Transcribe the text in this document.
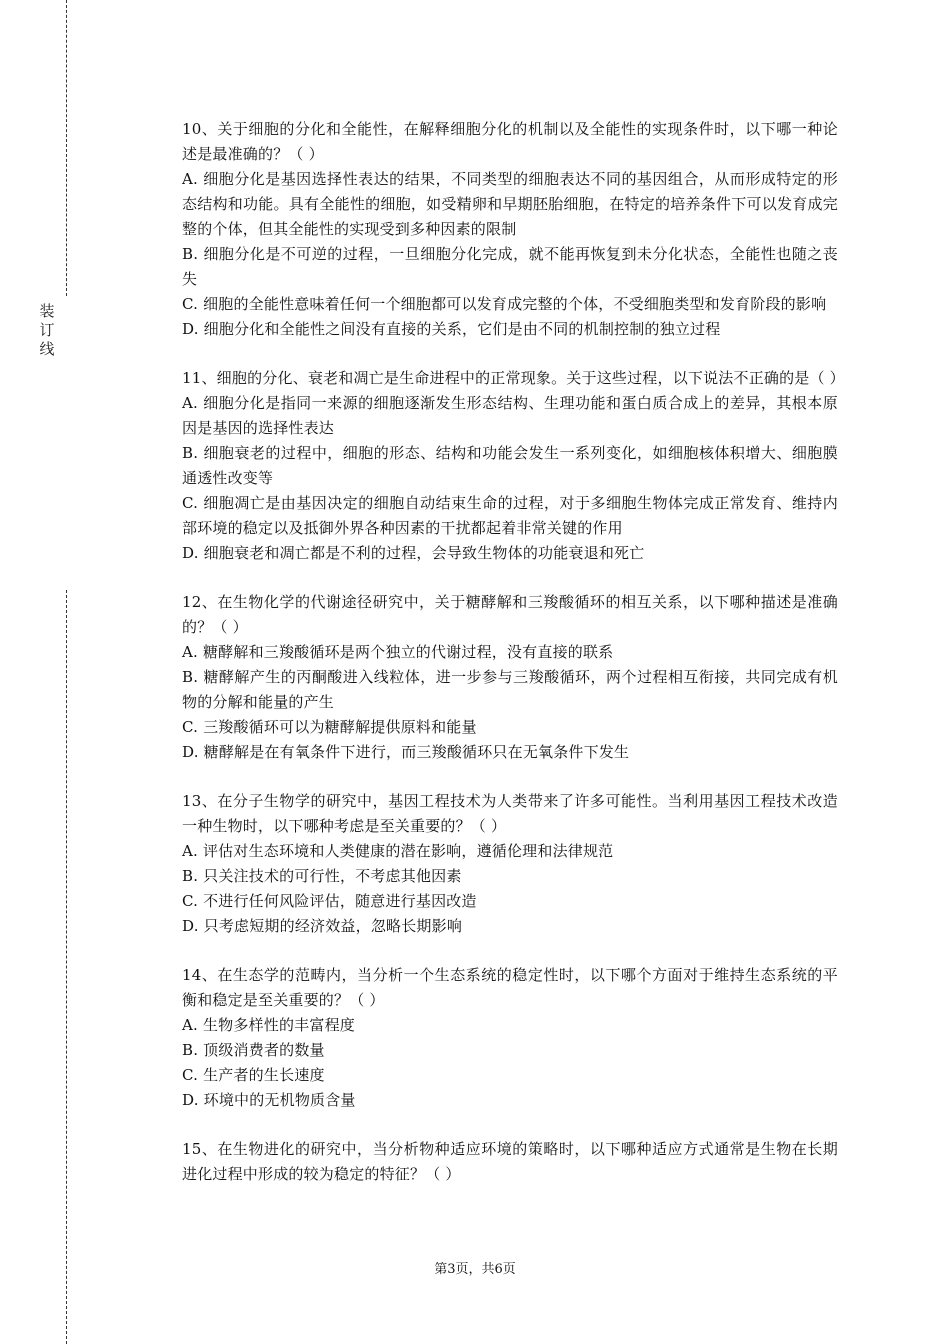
装订线

10、关于细胞的分化和全能性，在解释细胞分化的机制以及全能性的实现条件时，以下哪一种论述是最准确的？（ ）

A. 细胞分化是基因选择性表达的结果，不同类型的细胞表达不同的基因组合，从而形成特定的形态结构和功能。具有全能性的细胞，如受精卵和早期胚胎细胞，在特定的培养条件下可以发育成完整的个体，但其全能性的实现受到多种因素的限制

B. 细胞分化是不可逆的过程，一旦细胞分化完成，就不能再恢复到未分化状态，全能性也随之丧失

C. 细胞的全能性意味着任何一个细胞都可以发育成完整的个体，不受细胞类型和发育阶段的影响

D. 细胞分化和全能性之间没有直接的关系，它们是由不同的机制控制的独立过程

11、细胞的分化、衰老和凋亡是生命进程中的正常现象。关于这些过程，以下说法不正确的是（ ）

A. 细胞分化是指同一来源的细胞逐渐发生形态结构、生理功能和蛋白质合成上的差异，其根本原因是基因的选择性表达

B. 细胞衰老的过程中，细胞的形态、结构和功能会发生一系列变化，如细胞核体积增大、细胞膜通透性改变等

C. 细胞凋亡是由基因决定的细胞自动结束生命的过程，对于多细胞生物体完成正常发育、维持内部环境的稳定以及抵御外界各种因素的干扰都起着非常关键的作用

D. 细胞衰老和凋亡都是不利的过程，会导致生物体的功能衰退和死亡

12、在生物化学的代谢途径研究中，关于糖酵解和三羧酸循环的相互关系，以下哪种描述是准确的？（ ）

A. 糖酵解和三羧酸循环是两个独立的代谢过程，没有直接的联系

B. 糖酵解产生的丙酮酸进入线粒体，进一步参与三羧酸循环，两个过程相互衔接，共同完成有机物的分解和能量的产生

C. 三羧酸循环可以为糖酵解提供原料和能量

D. 糖酵解是在有氧条件下进行，而三羧酸循环只在无氧条件下发生

13、在分子生物学的研究中，基因工程技术为人类带来了许多可能性。当利用基因工程技术改造一种生物时，以下哪种考虑是至关重要的？（ ）

A. 评估对生态环境和人类健康的潜在影响，遵循伦理和法律规范

B. 只关注技术的可行性，不考虑其他因素

C. 不进行任何风险评估，随意进行基因改造

D. 只考虑短期的经济效益，忽略长期影响

14、在生态学的范畴内，当分析一个生态系统的稳定性时，以下哪个方面对于维持生态系统的平衡和稳定是至关重要的？（ ）

A. 生物多样性的丰富程度

B. 顶级消费者的数量

C. 生产者的生长速度

D. 环境中的无机物质含量

15、在生物进化的研究中，当分析物种适应环境的策略时，以下哪种适应方式通常是生物在长期进化过程中形成的较为稳定的特征？（ ）

第3页，共6页
